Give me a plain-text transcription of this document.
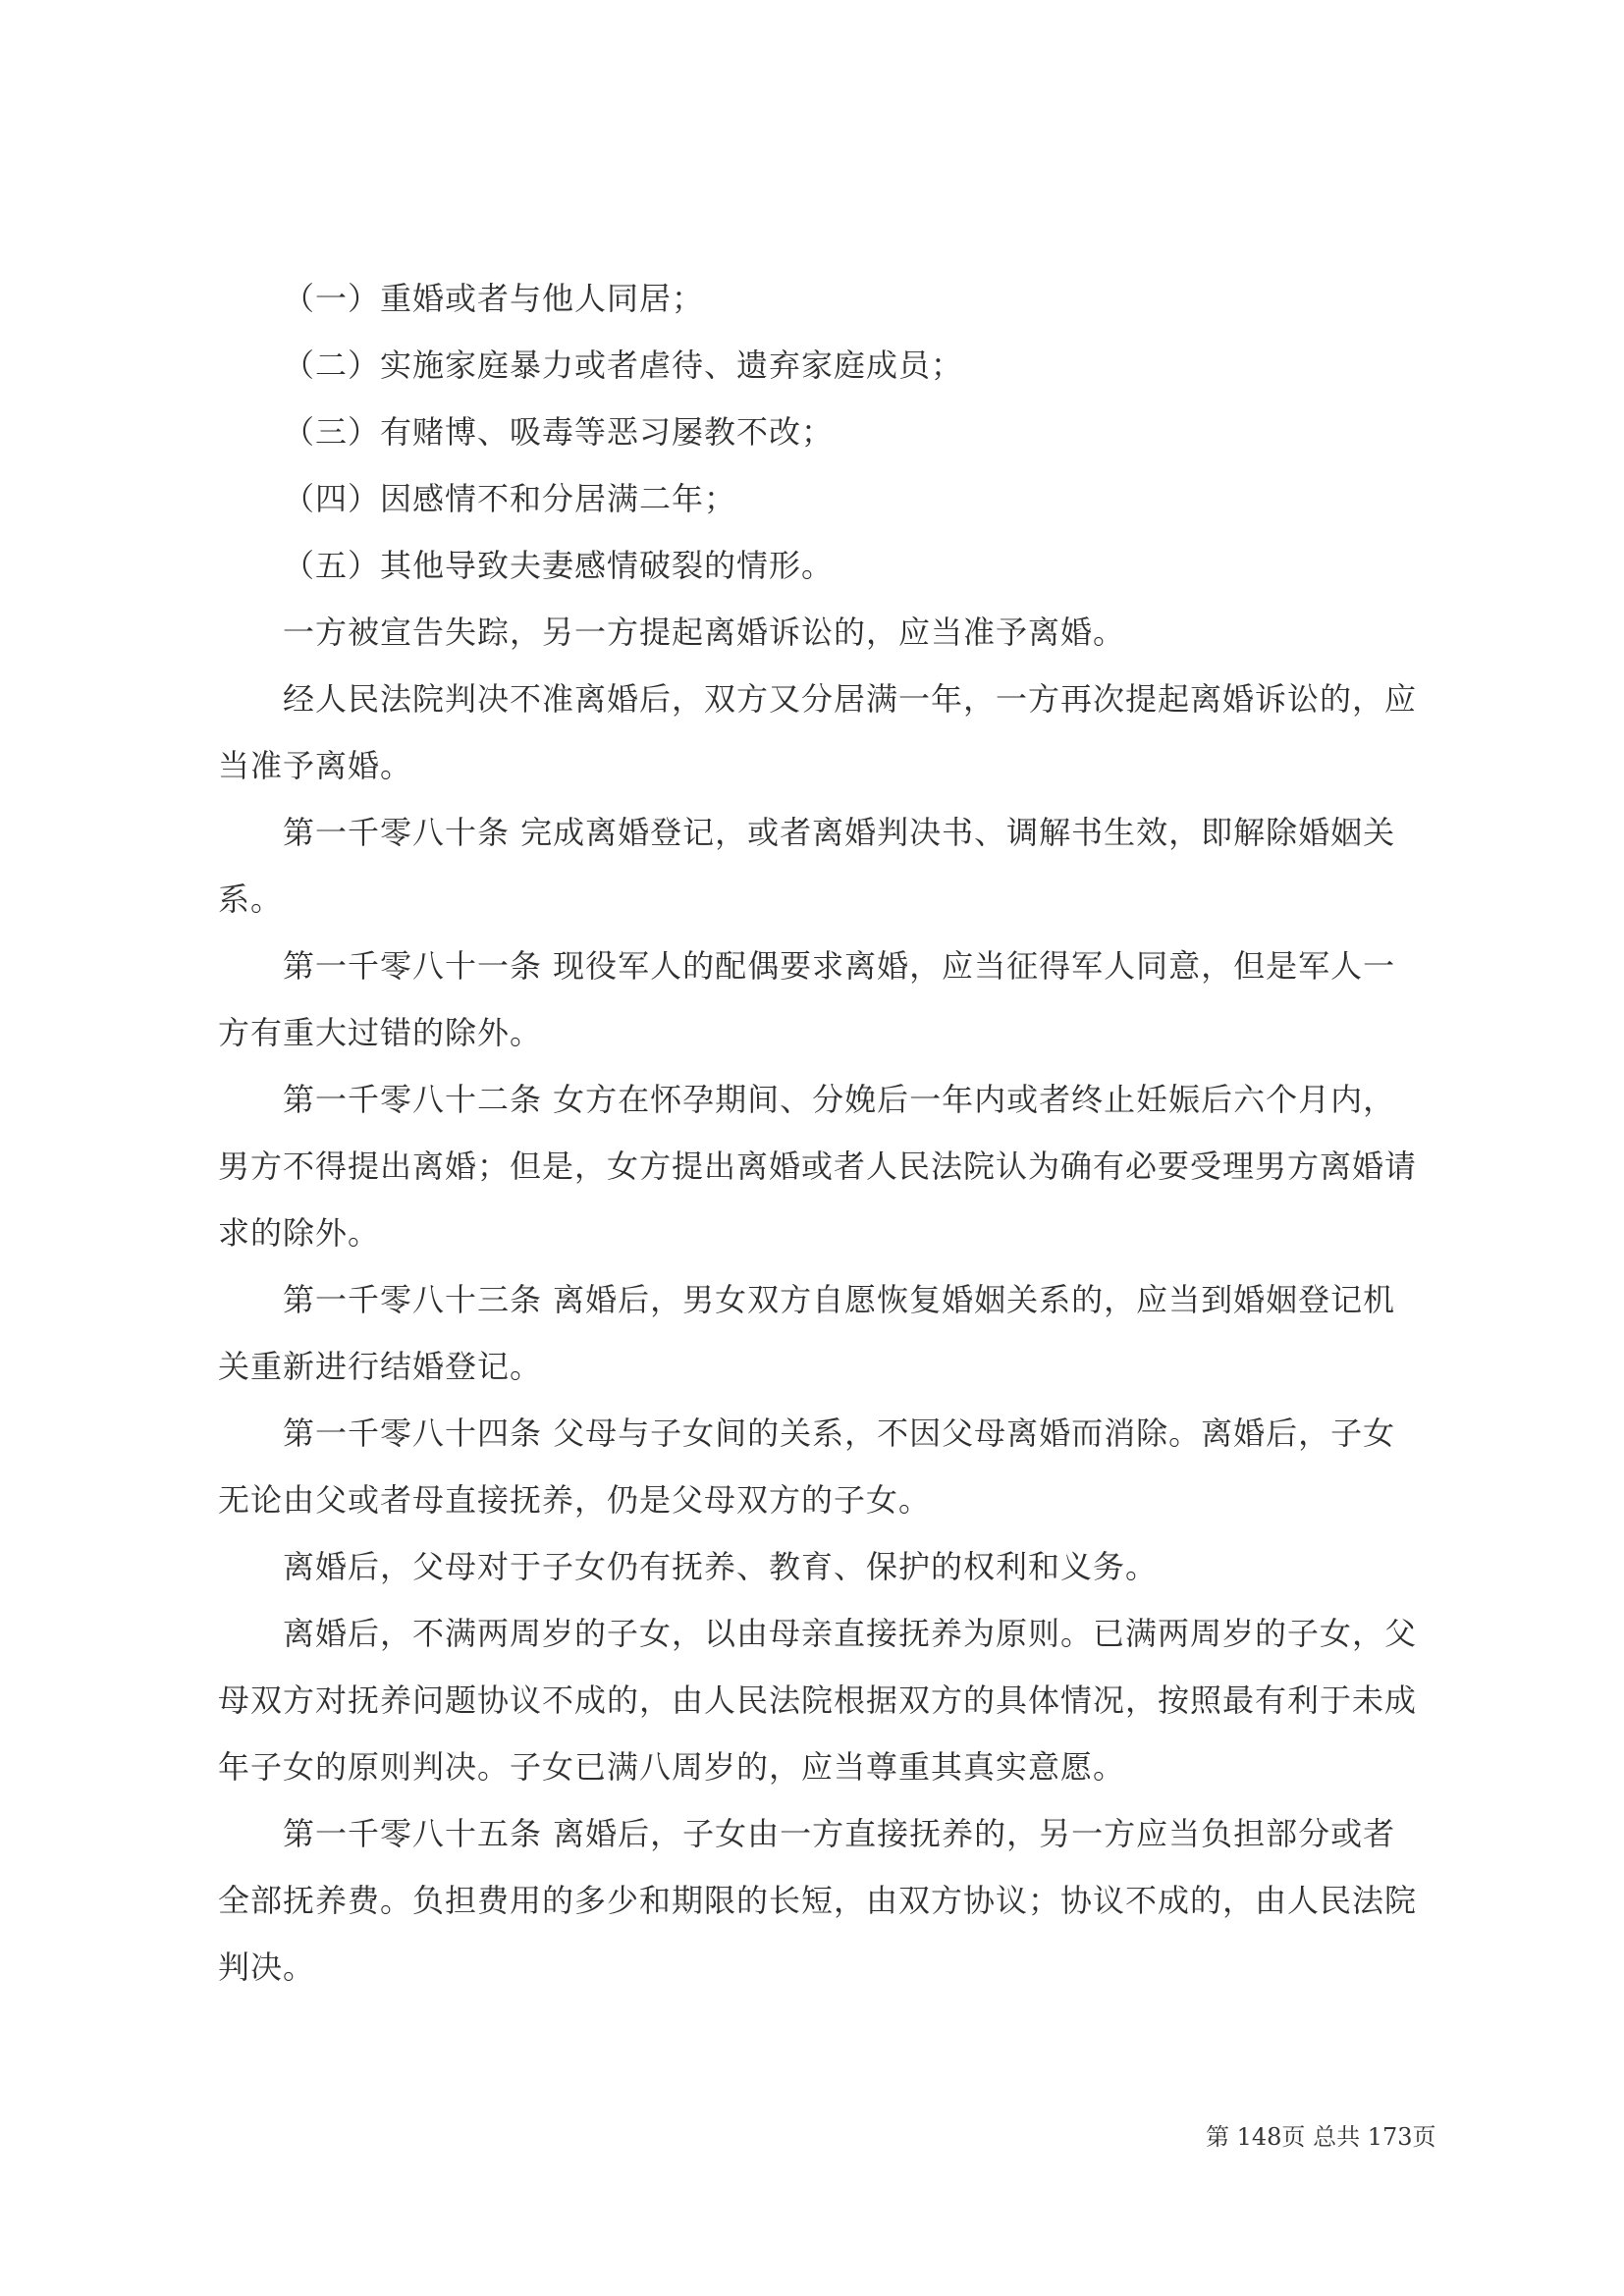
（一）重婚或者与他人同居；

（二）实施家庭暴力或者虐待、遗弃家庭成员；

（三）有赌博、吸毒等恶习屡教不改；

（四）因感情不和分居满二年；

（五）其他导致夫妻感情破裂的情形。

一方被宣告失踪，另一方提起离婚诉讼的，应当准予离婚。

经人民法院判决不准离婚后，双方又分居满一年，一方再次提起离婚诉讼的，应当准予离婚。

第一千零八十条 完成离婚登记，或者离婚判决书、调解书生效，即解除婚姻关系。

第一千零八十一条 现役军人的配偶要求离婚，应当征得军人同意，但是军人一方有重大过错的除外。

第一千零八十二条 女方在怀孕期间、分娩后一年内或者终止妊娠后六个月内，男方不得提出离婚；但是，女方提出离婚或者人民法院认为确有必要受理男方离婚请求的除外。

第一千零八十三条 离婚后，男女双方自愿恢复婚姻关系的，应当到婚姻登记机关重新进行结婚登记。

第一千零八十四条 父母与子女间的关系，不因父母离婚而消除。离婚后，子女无论由父或者母直接抚养，仍是父母双方的子女。

离婚后，父母对于子女仍有抚养、教育、保护的权利和义务。

离婚后，不满两周岁的子女，以由母亲直接抚养为原则。已满两周岁的子女，父母双方对抚养问题协议不成的，由人民法院根据双方的具体情况，按照最有利于未成年子女的原则判决。子女已满八周岁的，应当尊重其真实意愿。

第一千零八十五条 离婚后，子女由一方直接抚养的，另一方应当负担部分或者全部抚养费。负担费用的多少和期限的长短，由双方协议；协议不成的，由人民法院判决。

第 148页 总共 173页
